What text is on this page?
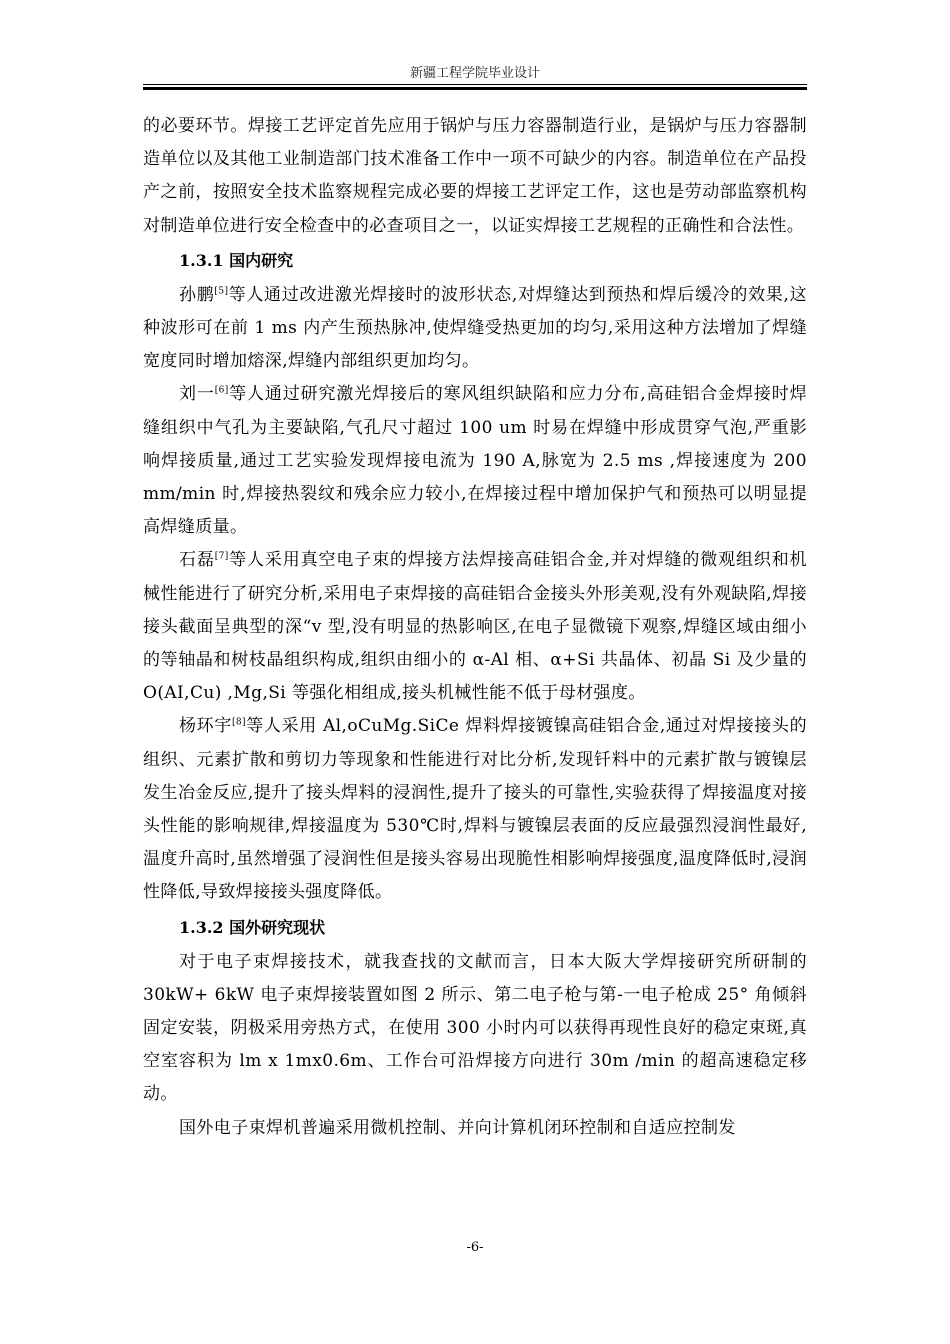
新疆工程学院毕业设计

的必要环节。焊接工艺评定首先应用于锅炉与压力容器制造行业，是锅炉与压力容器制造单位以及其他工业制造部门技术准备工作中一项不可缺少的内容。制造单位在产品投产之前，按照安全技术监察规程完成必要的焊接工艺评定工作，这也是劳动部监察机构对制造单位进行安全检查中的必查项目之一，以证实焊接工艺规程的正确性和合法性。

1.3.1 国内研究

孙鹏[5]等人通过改进激光焊接时的波形状态,对焊缝达到预热和焊后缓冷的效果,这种波形可在前 1 ms 内产生预热脉冲,使焊缝受热更加的均匀,采用这种方法增加了焊缝宽度同时增加熔深,焊缝内部组织更加均匀。

刘一[6]等人通过研究激光焊接后的寒风组织缺陷和应力分布,高硅铝合金焊接时焊缝组织中气孔为主要缺陷,气孔尺寸超过 100 um 时易在焊缝中形成贯穿气泡,严重影响焊接质量,通过工艺实验发现焊接电流为 190 A,脉宽为 2.5 ms ,焊接速度为 200 mm/min 时,焊接热裂纹和残余应力较小,在焊接过程中增加保护气和预热可以明显提高焊缝质量。

石磊[7]等人采用真空电子束的焊接方法焊接高硅铝合金,并对焊缝的微观组织和机械性能进行了研究分析,采用电子束焊接的高硅铝合金接头外形美观,没有外观缺陷,焊接接头截面呈典型的深“v 型,没有明显的热影响区,在电子显微镜下观察,焊缝区域由细小的等轴晶和树枝晶组织构成,组织由细小的 α-Al 相、α+Si 共晶体、初晶 Si 及少量的 O(AI,Cu) ,Mg,Si 等强化相组成,接头机械性能不低于母材强度。

杨环宇[8]等人采用 Al,oCuMg.SiCe 焊料焊接镀镍高硅铝合金,通过对焊接接头的组织、元素扩散和剪切力等现象和性能进行对比分析,发现钎料中的元素扩散与镀镍层发生冶金反应,提升了接头焊料的浸润性,提升了接头的可靠性,实验获得了焊接温度对接头性能的影响规律,焊接温度为 530℃时,焊料与镀镍层表面的反应最强烈浸润性最好,温度升高时,虽然增强了浸润性但是接头容易出现脆性相影响焊接强度,温度降低时,浸润性降低,导致焊接接头强度降低。

1.3.2 国外研究现状

对于电子束焊接技术，就我查找的文献而言，日本大阪大学焊接研究所研制的 30kW+ 6kW 电子束焊接装置如图 2 所示、第二电子枪与第-一电子枪成 25° 角倾斜固定安装，阴极采用旁热方式，在使用 300 小时内可以获得再现性良好的稳定束斑,真空室容积为 lm x 1mx0.6m、工作台可沿焊接方向进行 30m /min 的超高速稳定移动。

国外电子束焊机普遍采用微机控制、并向计算机闭环控制和自适应控制发

-6-
